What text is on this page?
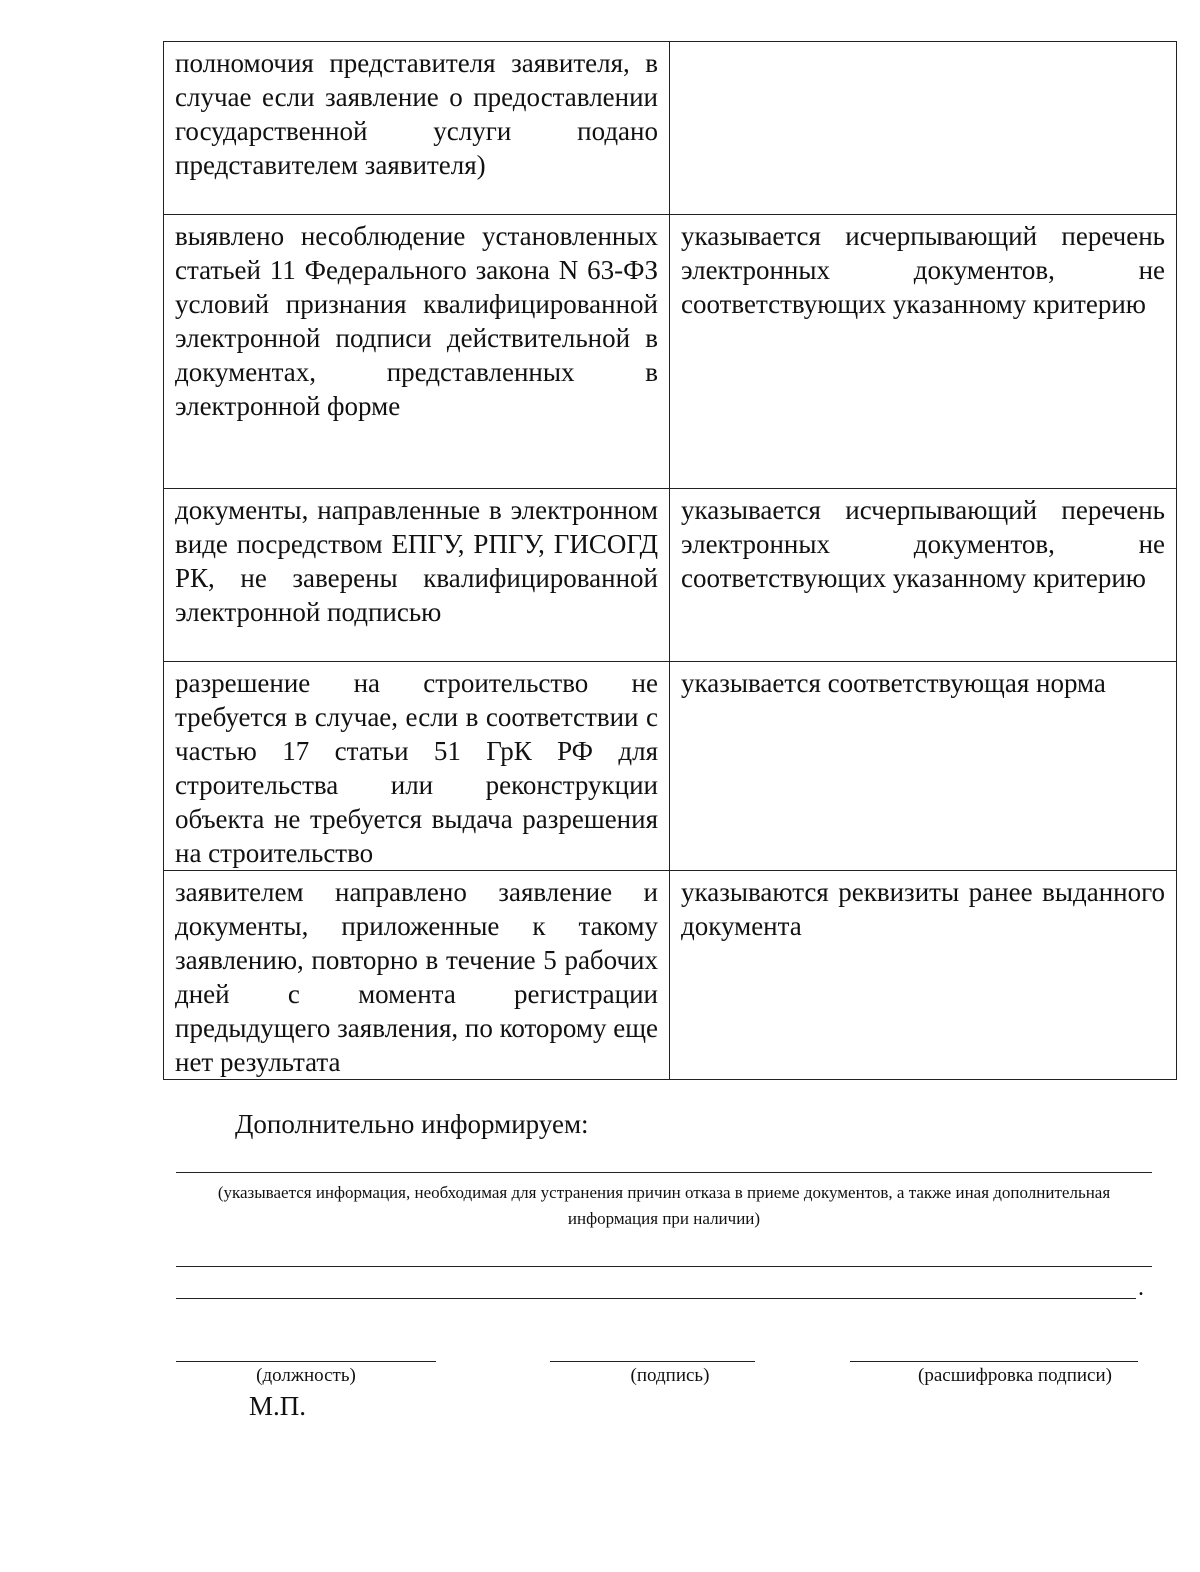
полномочия представителя заявителя, в случае если заявление о предоставлении государственной услуги подано представителем заявителя)	
выявлено несоблюдение установленных статьей 11 Федерального закона N 63-ФЗ условий признания квалифицированной электронной подписи действительной в документах, представленных в электронной форме	указывается исчерпывающий перечень электронных документов, не соответствующих указанному критерию
документы, направленные в электронном виде посредством ЕПГУ, РПГУ, ГИСОГД РК, не заверены квалифицированной электронной подписью	указывается исчерпывающий перечень электронных документов, не соответствующих указанному критерию
разрешение на строительство не требуется в случае, если в соответствии с частью 17 статьи 51 ГрК РФ для строительства или реконструкции объекта не требуется выдача разрешения на строительство	указывается соответствующая норма
заявителем направлено заявление и документы, приложенные к такому заявлению, повторно в течение 5 рабочих дней с момента регистрации предыдущего заявления, по которому еще нет результата	указываются реквизиты ранее выданного документа
Дополнительно информируем:
(указывается информация, необходимая для устранения причин отказа в приеме документов, а также иная дополнительная информация при наличии)
.
(должность)	(подпись)	(расшифровка подписи)
М.П.
